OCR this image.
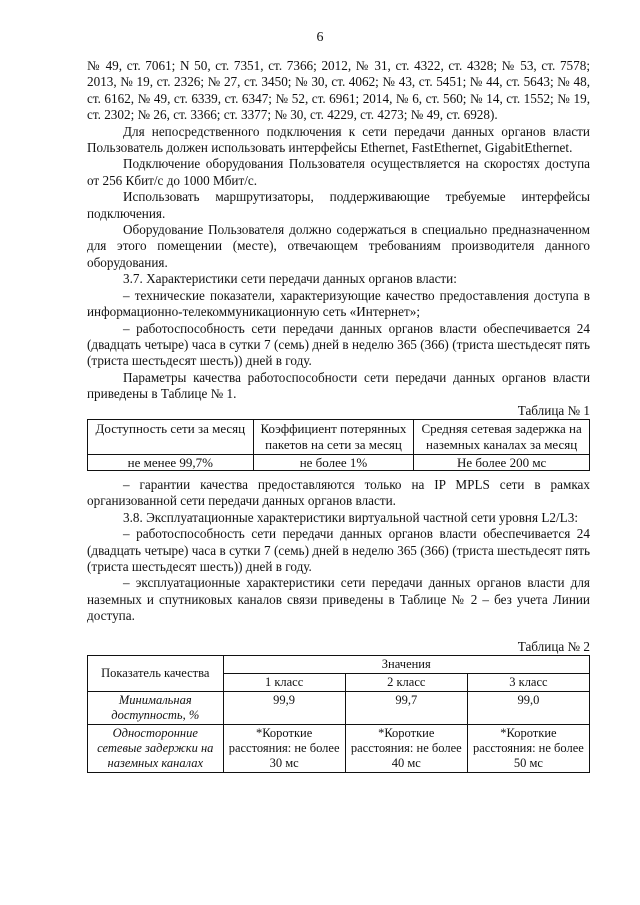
6

№ 49, ст. 7061; N 50, ст. 7351, ст. 7366; 2012, № 31, ст. 4322, ст. 4328; № 53, ст. 7578; 2013, № 19, ст. 2326; № 27, ст. 3450; № 30, ст. 4062; № 43, ст. 5451; № 44, ст. 5643; № 48, ст. 6162, № 49, ст. 6339, ст. 6347; № 52, ст. 6961; 2014, № 6, ст. 560; № 14, ст. 1552; № 19, ст. 2302; № 26, ст. 3366; ст. 3377; № 30, ст. 4229, ст. 4273; № 49, ст. 6928).

Для непосредственного подключения к сети передачи данных органов власти Пользователь должен использовать интерфейсы Ethernet, FastEthernet, GigabitEthernet.

Подключение оборудования Пользователя осуществляется на скоростях доступа от 256 Кбит/с до 1000 Мбит/с.

Использовать маршрутизаторы, поддерживающие требуемые интерфейсы подключения.

Оборудование Пользователя должно содержаться в специально предназначенном для этого помещении (месте), отвечающем требованиям производителя данного оборудования.

3.7. Характеристики сети передачи данных органов власти:

– технические показатели, характеризующие качество предоставления доступа в информационно-телекоммуникационную сеть «Интернет»;

– работоспособность сети передачи данных органов власти обеспечивается 24 (двадцать четыре) часа в сутки 7 (семь) дней в неделю 365 (366) (триста шестьдесят пять (триста шестьдесят шесть)) дней в году.

Параметры качества работоспособности сети передачи данных органов власти приведены в Таблице № 1.

Таблица № 1

Доступность сети за месяц	Коэффициент потерянных пакетов на сети за месяц	Средняя сетевая задержка на наземных каналах за месяц
не менее 99,7%	не более 1%	Не более 200 мс

– гарантии качества предоставляются только на IP MPLS сети в рамках организованной сети передачи данных органов власти.

3.8. Эксплуатационные характеристики виртуальной частной сети уровня L2/L3:

– работоспособность сети передачи данных органов власти обеспечивается 24 (двадцать четыре) часа в сутки 7 (семь) дней в неделю 365 (366) (триста шестьдесят пять (триста шестьдесят шесть)) дней в году.

– эксплуатационные характеристики сети передачи данных органов власти для наземных и спутниковых каналов связи приведены в Таблице № 2 – без учета Линии доступа.

Таблица № 2

Показатель качества	Значения		
	1 класс	2 класс	3 класс
Минимальная доступность, %	99,9	99,7	99,0
Односторонние сетевые задержки на наземных каналах	*Короткие расстояния: не более 30 мс	*Короткие расстояния: не более 40 мс	*Короткие расстояния: не более 50 мс
